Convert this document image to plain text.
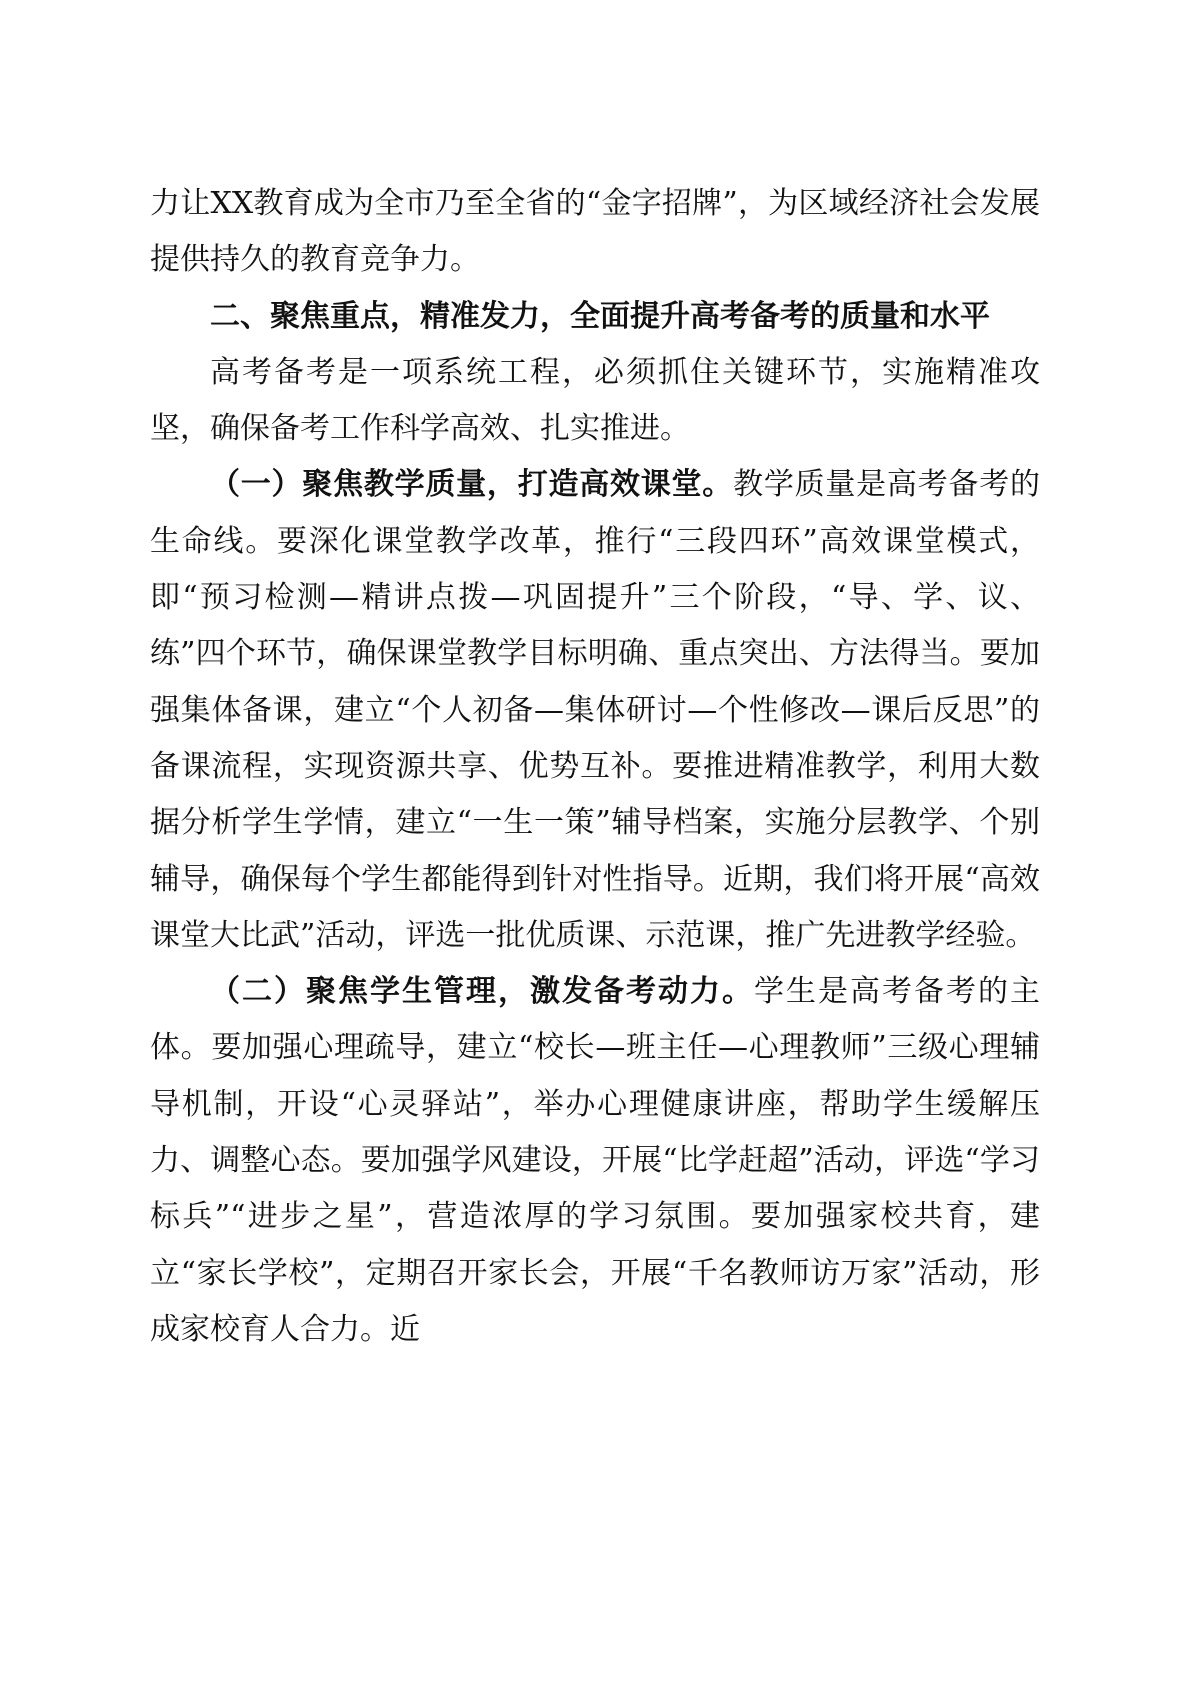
力让XX教育成为全市乃至全省的“金字招牌”，为区域经济社会发展提供持久的教育竞争力。

二、聚焦重点，精准发力，全面提升高考备考的质量和水平

高考备考是一项系统工程，必须抓住关键环节，实施精准攻坚，确保备考工作科学高效、扎实推进。

（一）聚焦教学质量，打造高效课堂。教学质量是高考备考的生命线。要深化课堂教学改革，推行“三段四环”高效课堂模式，即“预习检测—精讲点拨—巩固提升”三个阶段，“导、学、议、练”四个环节，确保课堂教学目标明确、重点突出、方法得当。要加强集体备课，建立“个人初备—集体研讨—个性修改—课后反思”的备课流程，实现资源共享、优势互补。要推进精准教学，利用大数据分析学生学情，建立“一生一策”辅导档案，实施分层教学、个别辅导，确保每个学生都能得到针对性指导。近期，我们将开展“高效课堂大比武”活动，评选一批优质课、示范课，推广先进教学经验。

（二）聚焦学生管理，激发备考动力。学生是高考备考的主体。要加强心理疏导，建立“校长—班主任—心理教师”三级心理辅导机制，开设“心灵驿站”，举办心理健康讲座，帮助学生缓解压力、调整心态。要加强学风建设，开展“比学赶超”活动，评选“学习标兵”“进步之星”，营造浓厚的学习氛围。要加强家校共育，建立“家长学校”，定期召开家长会，开展“千名教师访万家”活动，形成家校育人合力。近
